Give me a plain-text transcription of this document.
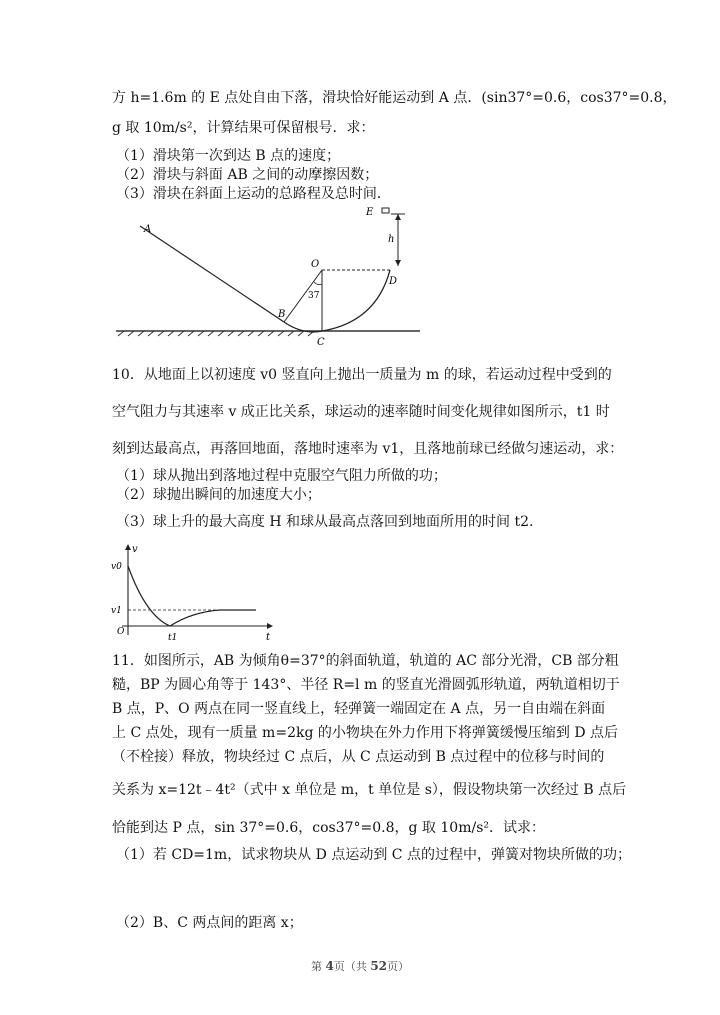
方 h=1.6m 的 E 点处自由下落，滑块恰好能运动到 A 点．(sin37°=0.6，cos37°=0.8，
g 取 10m/s²，计算结果可保留根号．求：
（1）滑块第一次到达 B 点的速度；
（2）滑块与斜面 AB 之间的动摩擦因数；
（3）滑块在斜面上运动的总路程及总时间．
E
h
A
O
D
37
B
C
10．从地面上以初速度 v0 竖直向上抛出一质量为 m 的球，若运动过程中受到的
空气阻力与其速率 v 成正比关系，球运动的速率随时间变化规律如图所示，t1 时
刻到达最高点，再落回地面，落地时速率为 v1，且落地前球已经做匀速运动，求：
（1）球从抛出到落地过程中克服空气阻力所做的功；
（2）球抛出瞬间的加速度大小；
（3）球上升的最大高度 H 和球从最高点落回到地面所用的时间 t2.
v
v0
v1
O
t1	t
11．如图所示，AB 为倾角θ=37°的斜面轨道，轨道的 AC 部分光滑，CB 部分粗
糙，BP 为圆心角等于 143°、半径 R=l m 的竖直光滑圆弧形轨道，两轨道相切于
B 点，P、O 两点在同一竖直线上，轻弹簧一端固定在 A 点，另一自由端在斜面
上 C 点处，现有一质量 m=2kg 的小物块在外力作用下将弹簧缓慢压缩到 D 点后
（不栓接）释放，物块经过 C 点后，从 C 点运动到 B 点过程中的位移与时间的
关系为 x=12t﹣4t²（式中 x 单位是 m，t 单位是 s），假设物块第一次经过 B 点后
恰能到达 P 点，sin 37°=0.6，cos37°=0.8，g 取 10m/s²．试求：
（1）若 CD=1m，试求物块从 D 点运动到 C 点的过程中，弹簧对物块所做的功；
（2）B、C 两点间的距离 x；
第 4页（共 52页）
